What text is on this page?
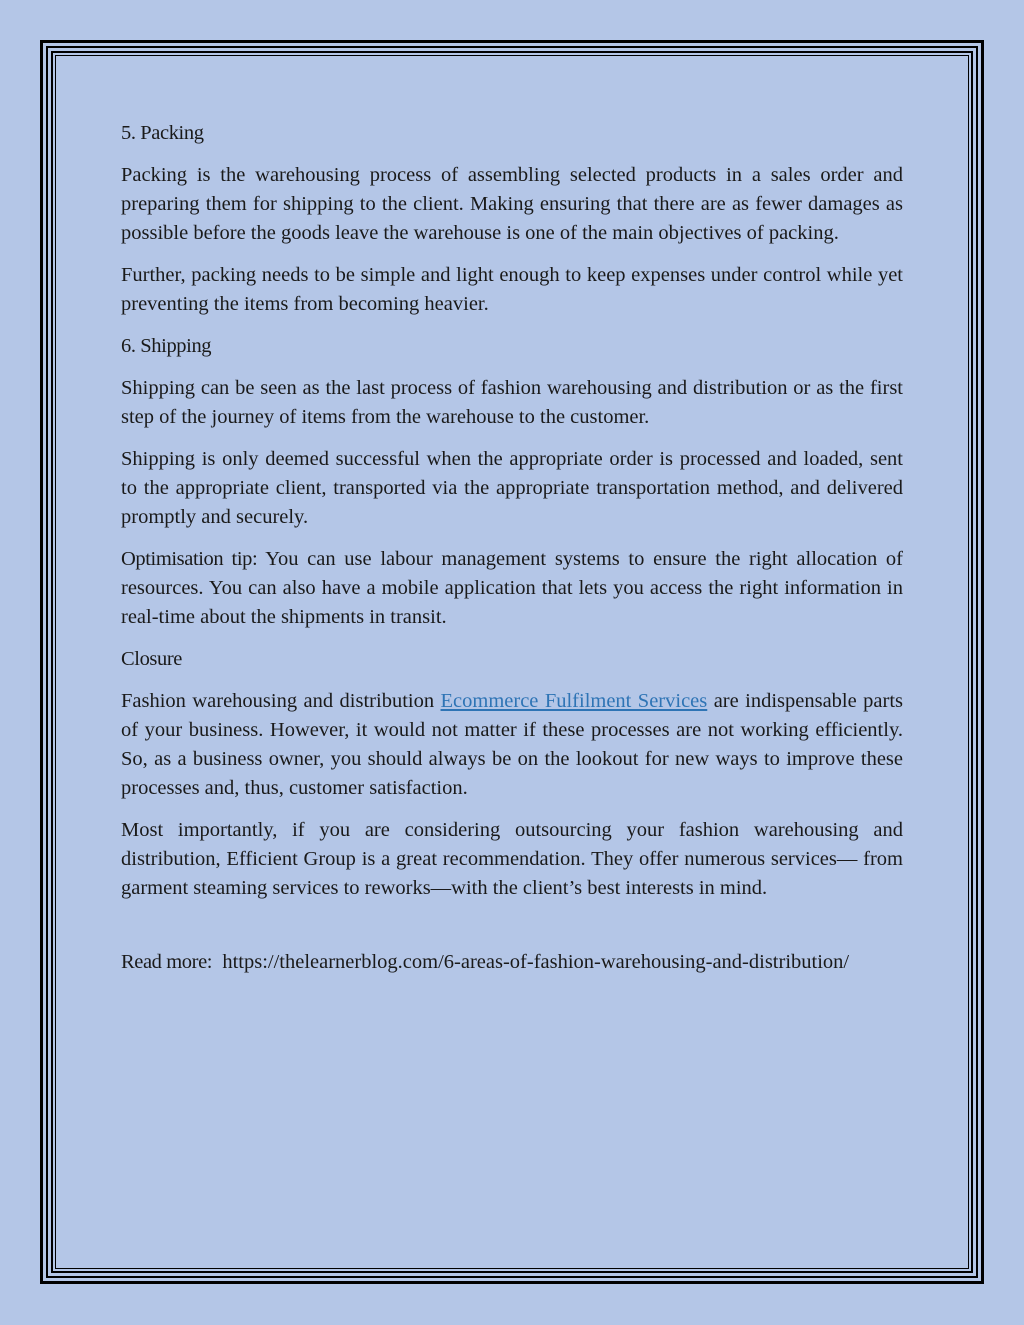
5. Packing

Packing is the warehousing process of assembling selected products in a sales order and preparing them for shipping to the client. Making ensuring that there are as fewer damages as possible before the goods leave the warehouse is one of the main objectives of packing.

Further, packing needs to be simple and light enough to keep expenses under control while yet preventing the items from becoming heavier.

6. Shipping

Shipping can be seen as the last process of fashion warehousing and distribution or as the first step of the journey of items from the warehouse to the customer.

Shipping is only deemed successful when the appropriate order is processed and loaded, sent to the appropriate client, transported via the appropriate transportation method, and delivered promptly and securely.

Optimisation tip: You can use labour management systems to ensure the right allocation of resources. You can also have a mobile application that lets you access the right information in real-time about the shipments in transit.

Closure

Fashion warehousing and distribution Ecommerce Fulfilment Services are indispensable parts of your business. However, it would not matter if these processes are not working efficiently. So, as a business owner, you should always be on the lookout for new ways to improve these processes and, thus, customer satisfaction.

Most importantly, if you are considering outsourcing your fashion warehousing and distribution, Efficient Group is a great recommendation. They offer numerous services— from garment steaming services to reworks—with the client’s best interests in mind.

Read more:  https://thelearnerblog.com/6-areas-of-fashion-warehousing-and-distribution/
